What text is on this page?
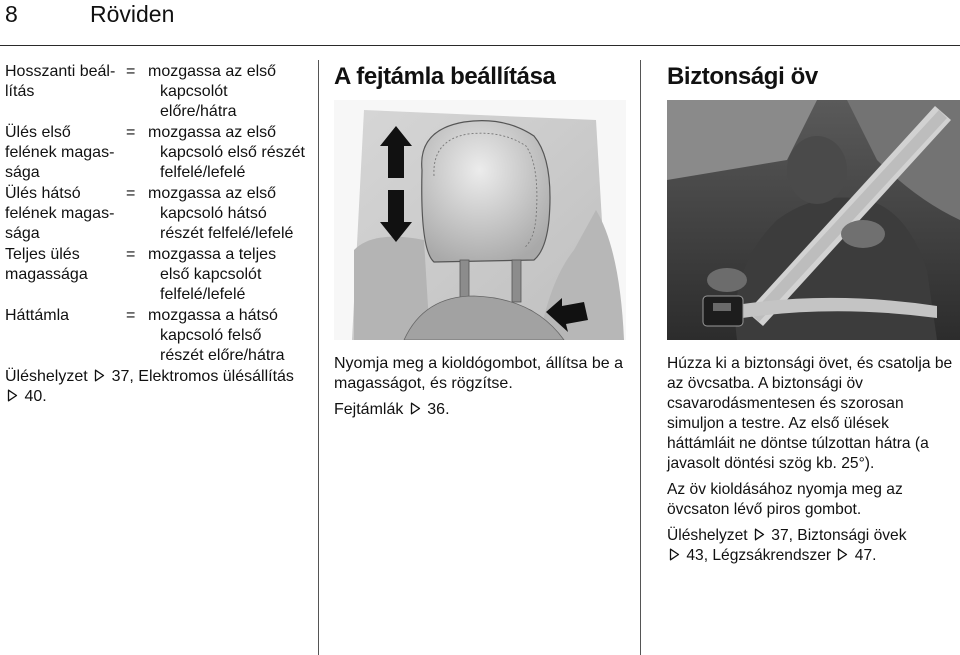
8	Röviden
Hosszanti beál-lítás
= mozgassa az első kapcsolót előre/hátra
Ülés első felének magas-sága
= mozgassa az első kapcsoló első részét felfelé/lefelé
Ülés hátsó felének magas-sága
= mozgassa az első kapcsoló hátsó részét felfelé/lefelé
Teljes ülés magassága
= mozgassa a teljes első kapcsolót felfelé/lefelé
Háttámla	= mozgassa a hátsó kapcsoló felső részét előre/hátra

Üléshelyzet 37, Elektromos ülésállítás  40.

A fejtámla beállítása

Nyomja meg a kioldógombot, állítsa be a magasságot, és rögzítse.

Fejtámlák 36.

Biztonsági öv

Húzza ki a biztonsági övet, és csatolja be az övcsatba. A biztonsági öv csavarodásmentesen és szorosan simuljon a testre. Az első ülések háttámláit ne döntse túlzottan hátra (a javasolt döntési szög kb. 25°).

Az öv kioldásához nyomja meg az övcsaton lévő piros gombot.

Üléshelyzet 37, Biztonsági övek
43, Légzsákrendszer 47.
